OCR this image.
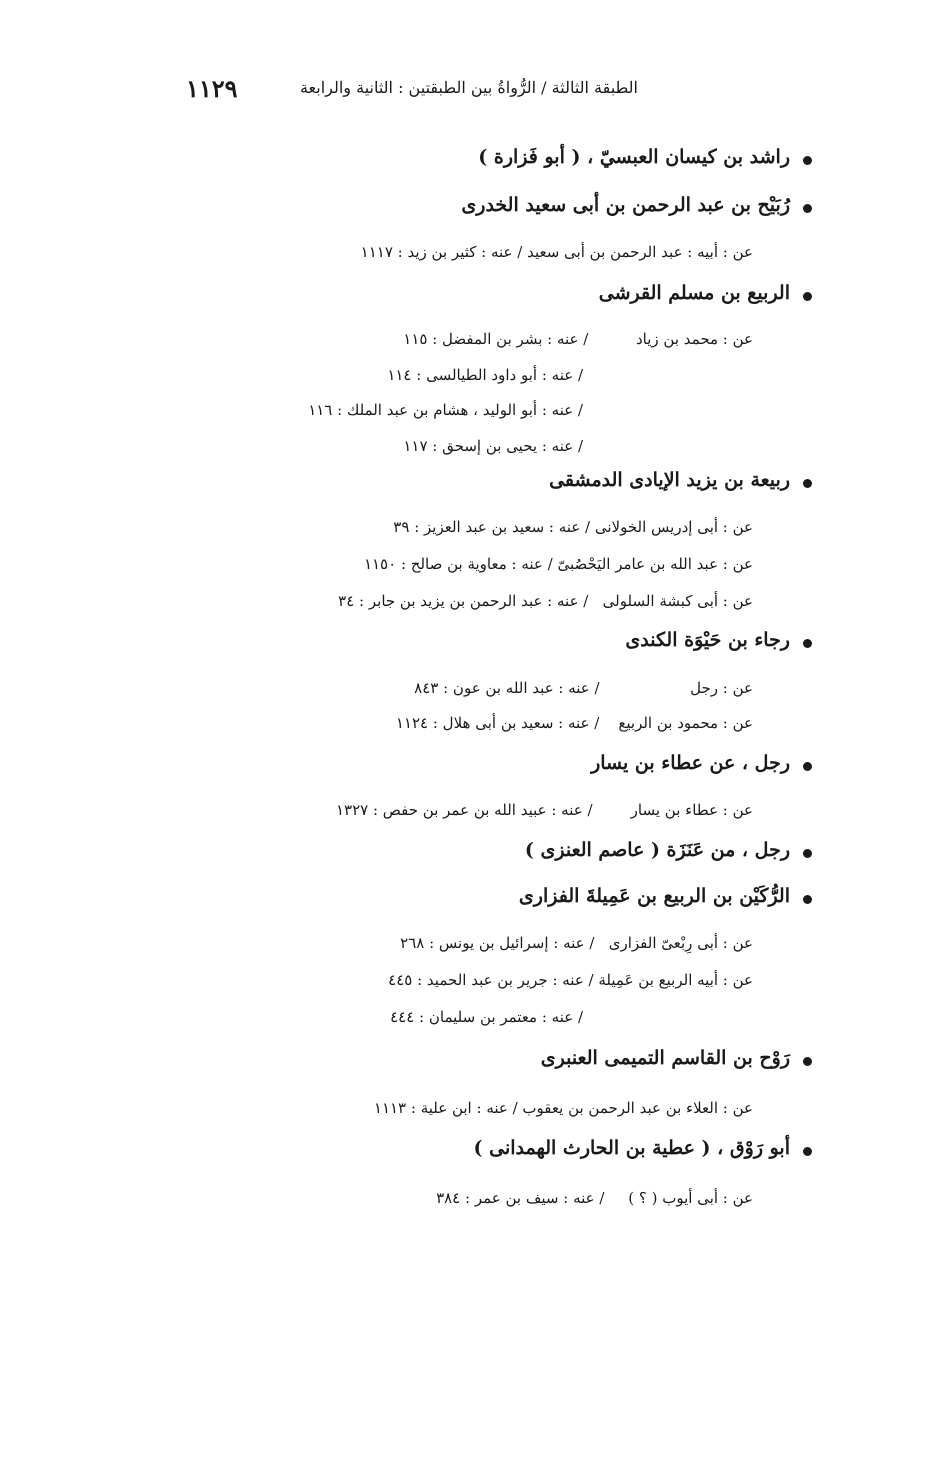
١١٢٩	الطبقة الثالثة / الرُّواةُ بين الطبقتين : الثانية والرابعة
راشد بن كيسان العبسيّ ، ( أبو فَزارة )
رُبَيْح بن عبد الرحمن بن أبى سعيد الخدرى
عن : أبيه : عبد الرحمن بن أبى سعيد / عنه : كثير بن زيد : ١١١٧
الربيع بن مسلم القرشى
عن : محمد بن زياد          / عنه : بشر بن المفضل : ١١٥
/ عنه : أبو داود الطيالسى : ١١٤
/ عنه : أبو الوليد ، هشام بن عبد الملك : ١١٦
/ عنه : يحيى بن إسحق : ١١٧
ربيعة بن يزيد الإيادى الدمشقى
عن : أبى إدريس الخولانى / عنه : سعيد بن عبد العزيز : ٣٩
عن : عبد الله بن عامر اليَحْصُبىّ / عنه : معاوية بن صالح : ١١٥٠
عن : أبى كبشة السلولى   / عنه : عبد الرحمن بن يزيد بن جابر : ٣٤
رجاء بن حَيْوَة الكندى
عن : رجل                   / عنه : عبد الله بن عون : ٨٤٣
عن : محمود بن الربيع    / عنه : سعيد بن أبى هلال : ١١٢٤
رجل ، عن عطاء بن يسار
عن : عطاء بن يسار        / عنه : عبيد الله بن عمر بن حفص : ١٣٢٧
رجل ، من عَنَزَة ( عاصم العنزى )
الرُّكَيْن بن الربيع بن عَمِيلةَ الفزارى
عن : أبى رِبْعىّ الفزارى   / عنه : إسرائيل بن يونس : ٢٦٨
عن : أبيه الربيع بن عَمِيلة / عنه : جرير بن عبد الحميد : ٤٤٥
/ عنه : معتمر بن سليمان : ٤٤٤
رَوْح بن القاسم التميمى العنبرى
عن : العلاء بن عبد الرحمن بن يعقوب / عنه : ابن علية : ١١١٣
أبو رَوْق ، ( عطية بن الحارث الهمدانى )
عن : أبى أيوب ( ؟ )     / عنه : سيف بن عمر : ٣٨٤
